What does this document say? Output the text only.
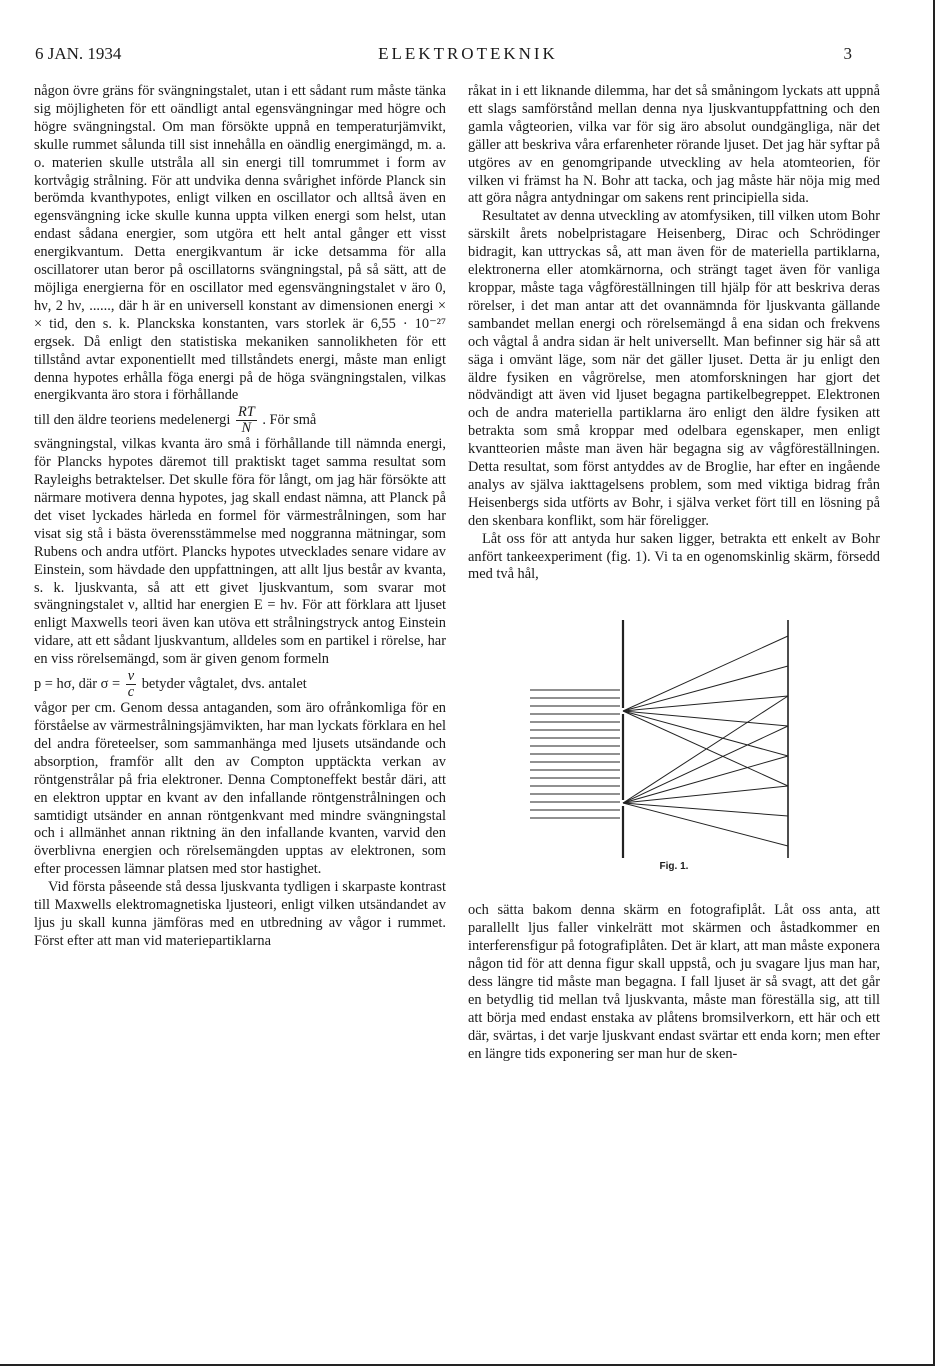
6 JAN. 1934	ELEKTROTEKNIK	3

någon övre gräns för svängningstalet, utan i ett sådant rum måste tänka sig möjligheten för ett oändligt antal egensvängningar med högre och högre svängningstal. Om man försökte uppnå en temperaturjämvikt, skulle rummet sålunda till sist innehålla en oändlig energimängd, m. a. o. materien skulle utstråla all sin energi till tomrummet i form av kortvågig strålning. För att undvika denna svårighet införde Planck sin berömda kvanthypotes, enligt vilken en oscillator och alltså även en egensvängning icke skulle kunna uppta vilken energi som helst, utan endast sådana energier, som utgöra ett helt antal gånger ett visst energikvantum. Detta energikvantum är icke detsamma för alla oscillatorer utan beror på oscillatorns svängningstal, på så sätt, att de möjliga energierna för en oscillator med egensvängningstalet ν äro 0, hν, 2 hν, ......, där h är en universell konstant av dimensionen energi × × tid, den s. k. Planckska konstanten, vars storlek är 6,55 · 10⁻²⁷ ergsek. Då enligt den statistiska mekaniken sannolikheten för ett tillstånd avtar exponentiellt med tillståndets energi, måste man enligt denna hypotes erhålla föga energi på de höga svängningstalen, vilkas energikvanta äro stora i förhållande

till den äldre teoriens medelenergi $\frac{RT}{N}$ . För små

svängningstal, vilkas kvanta äro små i förhållande till nämnda energi, för Plancks hypotes däremot till praktiskt taget samma resultat som Rayleighs betraktelser. Det skulle föra för långt, om jag här försökte att närmare motivera denna hypotes, jag skall endast nämna, att Planck på det viset lyckades härleda en formel för värmestrålningen, som har visat sig stå i bästa överensstämmelse med noggranna mätningar, som Rubens och andra utfört. Plancks hypotes utvecklades senare vidare av Einstein, som hävdade den uppfattningen, att allt ljus består av kvanta, s. k. ljuskvanta, så att ett givet ljuskvantum, som svarar mot svängningstalet ν, alltid har energien E = hν. För att förklara att ljuset enligt Maxwells teori även kan utöva ett strålningstryck antog Einstein vidare, att ett sådant ljuskvantum, alldeles som en partikel i rörelse, har en viss rörelsemängd, som är given genom formeln

p = hσ, där $\sigma = \frac{\nu}{c}$ betyder vågtalet, dvs. antalet

vågor per cm. Genom dessa antaganden, som äro ofrånkomliga för en förståelse av värmestrålningsjämvikten, har man lyckats förklara en hel del andra företeelser, som sammanhänga med ljusets utsändande och absorption, framför allt den av Compton upptäckta verkan av röntgenstrålar på fria elektroner. Denna Comptoneffekt består däri, att en elektron upptar en kvant av den infallande röntgenstrålningen och samtidigt utsänder en annan röntgenkvant med mindre svängningstal och i allmänhet annan riktning än den infallande kvanten, varvid den överblivna energien och rörelsemängden upptas av elektronen, som efter processen lämnar platsen med stor hastighet.

Vid första påseende stå dessa ljuskvanta tydligen i skarpaste kontrast till Maxwells elektromagnetiska ljusteori, enligt vilken utsändandet av ljus ju skall kunna jämföras med en utbredning av vågor i rummet. Först efter att man vid materiepartiklarna

råkat in i ett liknande dilemma, har det så småningom lyckats att uppnå ett slags samförstånd mellan denna nya ljuskvantuppfattning och den gamla vågteorien, vilka var för sig äro absolut oundgängliga, när det gäller att beskriva våra erfarenheter rörande ljuset. Det jag här syftar på utgöres av en genomgripande utveckling av hela atomteorien, för vilken vi främst ha N. Bohr att tacka, och jag måste här nöja mig med att göra några antydningar om sakens rent principiella sida.

Resultatet av denna utveckling av atomfysiken, till vilken utom Bohr särskilt årets nobelpristagare Heisenberg, Dirac och Schrödinger bidragit, kan uttryckas så, att man även för de materiella partiklarna, elektronerna eller atomkärnorna, och strängt taget även för vanliga kroppar, måste taga vågföreställningen till hjälp för att beskriva deras rörelser, i det man antar att det ovannämnda för ljuskvanta gällande sambandet mellan energi och rörelsemängd å ena sidan och frekvens och vågtal å andra sidan är helt universellt. Man befinner sig här så att säga i omvänt läge, som när det gäller ljuset. Detta är ju enligt den äldre fysiken en vågrörelse, men atomforskningen har gjort det nödvändigt att även vid ljuset begagna partikelbegreppet. Elektronen och de andra materiella partiklarna äro enligt den äldre fysiken att betrakta som små kroppar med odelbara egenskaper, men enligt kvantteorien måste man även här begagna sig av vågföreställningen. Detta resultat, som först antyddes av de Broglie, har efter en ingående analys av själva iakttagelsens problem, som med viktiga bidrag från Heisenbergs sida utförts av Bohr, i själva verket fört till en lösning på den skenbara konflikt, som här föreligger.

Låt oss för att antyda hur saken ligger, betrakta ett enkelt av Bohr anfört tankeexperiment (fig. 1). Vi ta en ogenomskinlig skärm, försedd med två hål,

Fig. 1.

och sätta bakom denna skärm en fotografiplåt. Låt oss anta, att parallellt ljus faller vinkelrätt mot skärmen och åstadkommer en interferensfigur på fotografiplåten. Det är klart, att man måste exponera någon tid för att denna figur skall uppstå, och ju svagare ljus man har, dess längre tid måste man begagna. I fall ljuset är så svagt, att det går en betydlig tid mellan två ljuskvanta, måste man föreställa sig, att till att börja med endast enstaka av plåtens bromsilverkorn, ett här och ett där, svärtas, i det varje ljuskvant endast svärtar ett enda korn; men efter en längre tids exponering ser man hur de sken-
